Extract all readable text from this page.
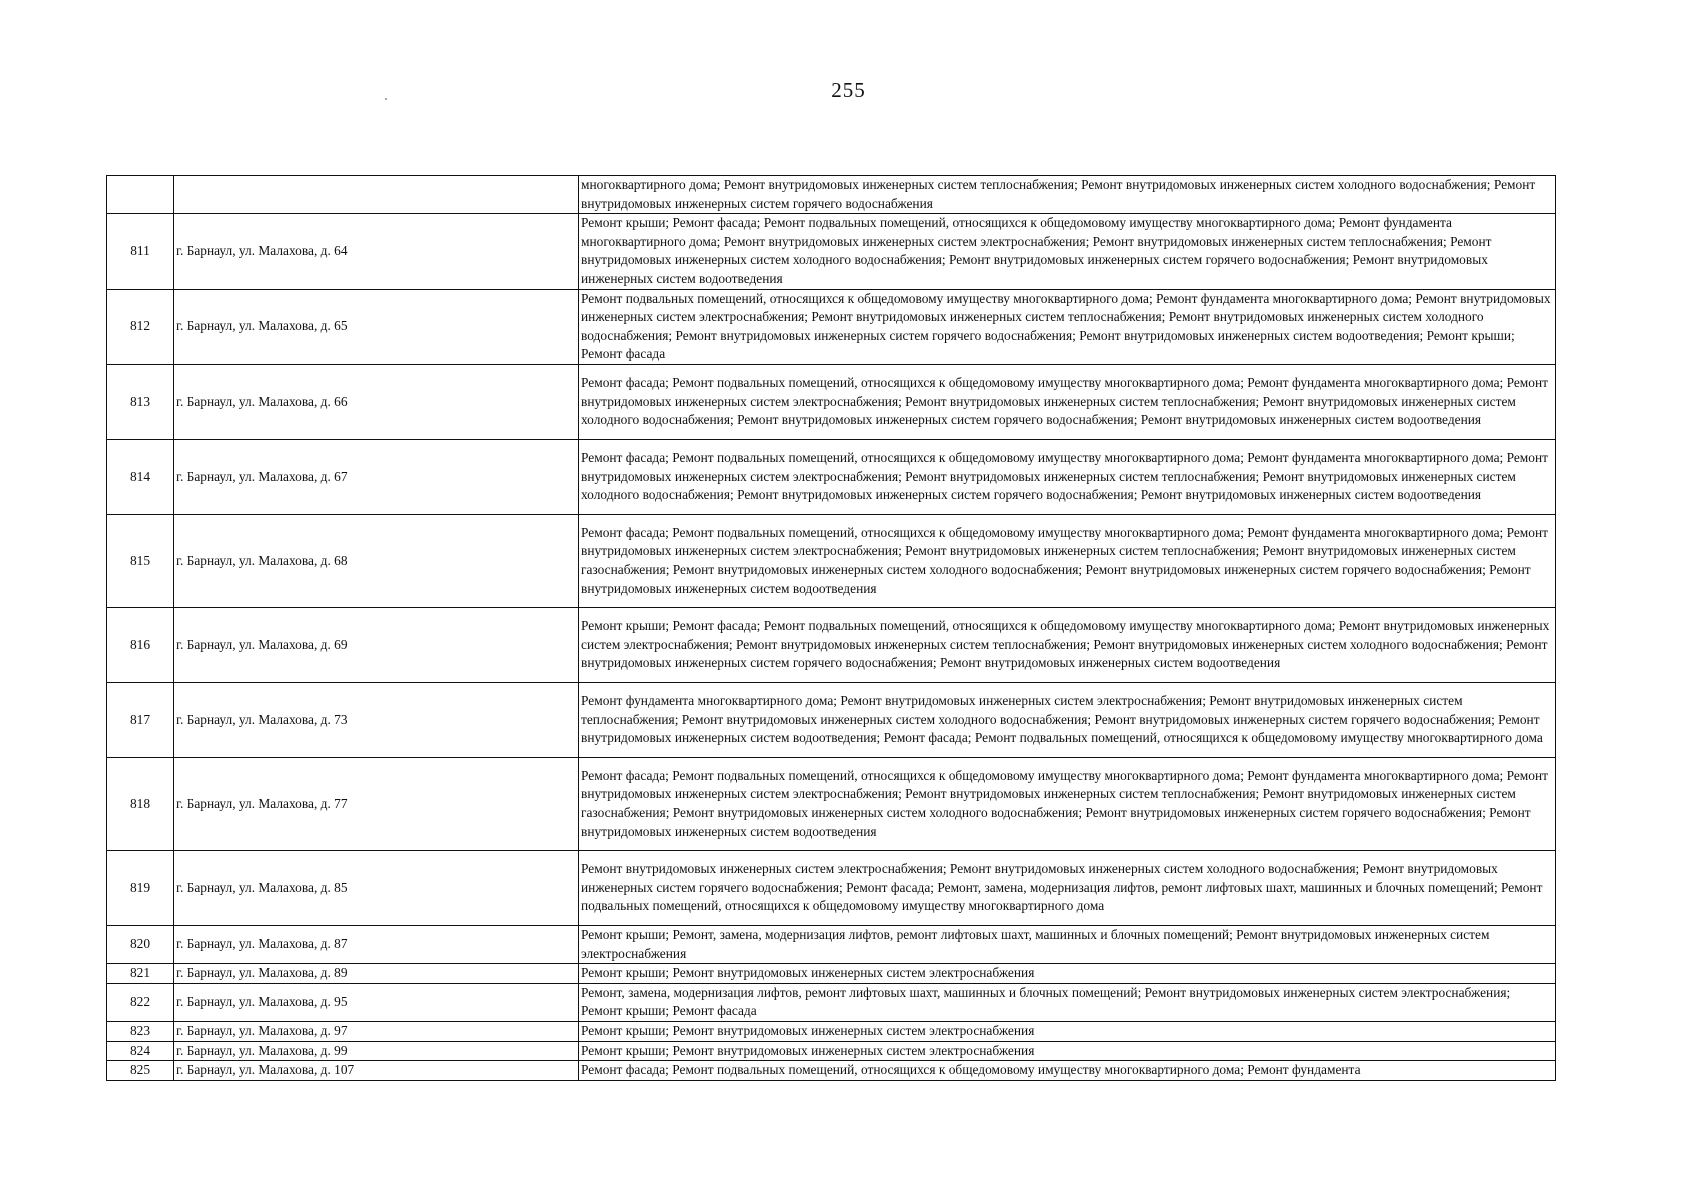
255
		многоквартирного дома; Ремонт внутридомовых инженерных систем теплоснабжения; Ремонт внутридомовых инженерных систем холодного водоснабжения; Ремонт внутридомовых инженерных систем горячего водоснабжения
811	г. Барнаул, ул. Малахова, д. 64	Ремонт крыши; Ремонт фасада; Ремонт подвальных помещений, относящихся к общедомовому имуществу многоквартирного дома; Ремонт фундамента многоквартирного дома; Ремонт внутридомовых инженерных систем электроснабжения; Ремонт внутридомовых инженерных систем теплоснабжения; Ремонт внутридомовых инженерных систем холодного водоснабжения; Ремонт внутридомовых инженерных систем горячего водоснабжения; Ремонт внутридомовых инженерных систем водоотведения
812	г. Барнаул, ул. Малахова, д. 65	Ремонт подвальных помещений, относящихся к общедомовому имуществу многоквартирного дома; Ремонт фундамента многоквартирного дома; Ремонт внутридомовых инженерных систем электроснабжения; Ремонт внутридомовых инженерных систем теплоснабжения; Ремонт внутридомовых инженерных систем холодного водоснабжения; Ремонт внутридомовых инженерных систем горячего водоснабжения; Ремонт внутридомовых инженерных систем водоотведения; Ремонт крыши; Ремонт фасада
813	г. Барнаул, ул. Малахова, д. 66	Ремонт фасада; Ремонт подвальных помещений, относящихся к общедомовому имуществу многоквартирного дома; Ремонт фундамента многоквартирного дома; Ремонт внутридомовых инженерных систем электроснабжения; Ремонт внутридомовых инженерных систем теплоснабжения; Ремонт внутридомовых инженерных систем холодного водоснабжения; Ремонт внутридомовых инженерных систем горячего водоснабжения; Ремонт внутридомовых инженерных систем водоотведения
814	г. Барнаул, ул. Малахова, д. 67	Ремонт фасада; Ремонт подвальных помещений, относящихся к общедомовому имуществу многоквартирного дома; Ремонт фундамента многоквартирного дома; Ремонт внутридомовых инженерных систем электроснабжения; Ремонт внутридомовых инженерных систем теплоснабжения; Ремонт внутридомовых инженерных систем холодного водоснабжения; Ремонт внутридомовых инженерных систем горячего водоснабжения; Ремонт внутридомовых инженерных систем водоотведения
815	г. Барнаул, ул. Малахова, д. 68	Ремонт фасада; Ремонт подвальных помещений, относящихся к общедомовому имуществу многоквартирного дома; Ремонт фундамента многоквартирного дома; Ремонт внутридомовых инженерных систем электроснабжения; Ремонт внутридомовых инженерных систем теплоснабжения; Ремонт внутридомовых инженерных систем газоснабжения; Ремонт внутридомовых инженерных систем холодного водоснабжения; Ремонт внутридомовых инженерных систем горячего водоснабжения; Ремонт внутридомовых инженерных систем водоотведения
816	г. Барнаул, ул. Малахова, д. 69	Ремонт крыши; Ремонт фасада; Ремонт подвальных помещений, относящихся к общедомовому имуществу многоквартирного дома; Ремонт внутридомовых инженерных систем электроснабжения; Ремонт внутридомовых инженерных систем теплоснабжения; Ремонт внутридомовых инженерных систем холодного водоснабжения; Ремонт внутридомовых инженерных систем горячего водоснабжения; Ремонт внутридомовых инженерных систем водоотведения
817	г. Барнаул, ул. Малахова, д. 73	Ремонт фундамента многоквартирного дома; Ремонт внутридомовых инженерных систем электроснабжения; Ремонт внутридомовых инженерных систем теплоснабжения; Ремонт внутридомовых инженерных систем холодного водоснабжения; Ремонт внутридомовых инженерных систем горячего водоснабжения; Ремонт внутридомовых инженерных систем водоотведения; Ремонт фасада; Ремонт подвальных помещений, относящихся к общедомовому имуществу многоквартирного дома
818	г. Барнаул, ул. Малахова, д. 77	Ремонт фасада; Ремонт подвальных помещений, относящихся к общедомовому имуществу многоквартирного дома; Ремонт фундамента многоквартирного дома; Ремонт внутридомовых инженерных систем электроснабжения; Ремонт внутридомовых инженерных систем теплоснабжения; Ремонт внутридомовых инженерных систем газоснабжения; Ремонт внутридомовых инженерных систем холодного водоснабжения; Ремонт внутридомовых инженерных систем горячего водоснабжения; Ремонт внутридомовых инженерных систем водоотведения
819	г. Барнаул, ул. Малахова, д. 85	Ремонт внутридомовых инженерных систем электроснабжения; Ремонт внутридомовых инженерных систем холодного водоснабжения; Ремонт внутридомовых инженерных систем горячего водоснабжения; Ремонт фасада; Ремонт, замена, модернизация лифтов, ремонт лифтовых шахт, машинных и блочных помещений; Ремонт подвальных помещений, относящихся к общедомовому имуществу многоквартирного дома
820	г. Барнаул, ул. Малахова, д. 87	Ремонт крыши; Ремонт, замена, модернизация лифтов, ремонт лифтовых шахт, машинных и блочных помещений; Ремонт внутридомовых инженерных систем электроснабжения
821	г. Барнаул, ул. Малахова, д. 89	Ремонт крыши; Ремонт внутридомовых инженерных систем электроснабжения
822	г. Барнаул, ул. Малахова, д. 95	Ремонт, замена, модернизация лифтов, ремонт лифтовых шахт, машинных и блочных помещений; Ремонт внутридомовых инженерных систем электроснабжения; Ремонт крыши; Ремонт фасада
823	г. Барнаул, ул. Малахова, д. 97	Ремонт крыши; Ремонт внутридомовых инженерных систем электроснабжения
824	г. Барнаул, ул. Малахова, д. 99	Ремонт крыши; Ремонт внутридомовых инженерных систем электроснабжения
825	г. Барнаул, ул. Малахова, д. 107	Ремонт фасада; Ремонт подвальных помещений, относящихся к общедомовому имуществу многоквартирного дома; Ремонт фундамента
